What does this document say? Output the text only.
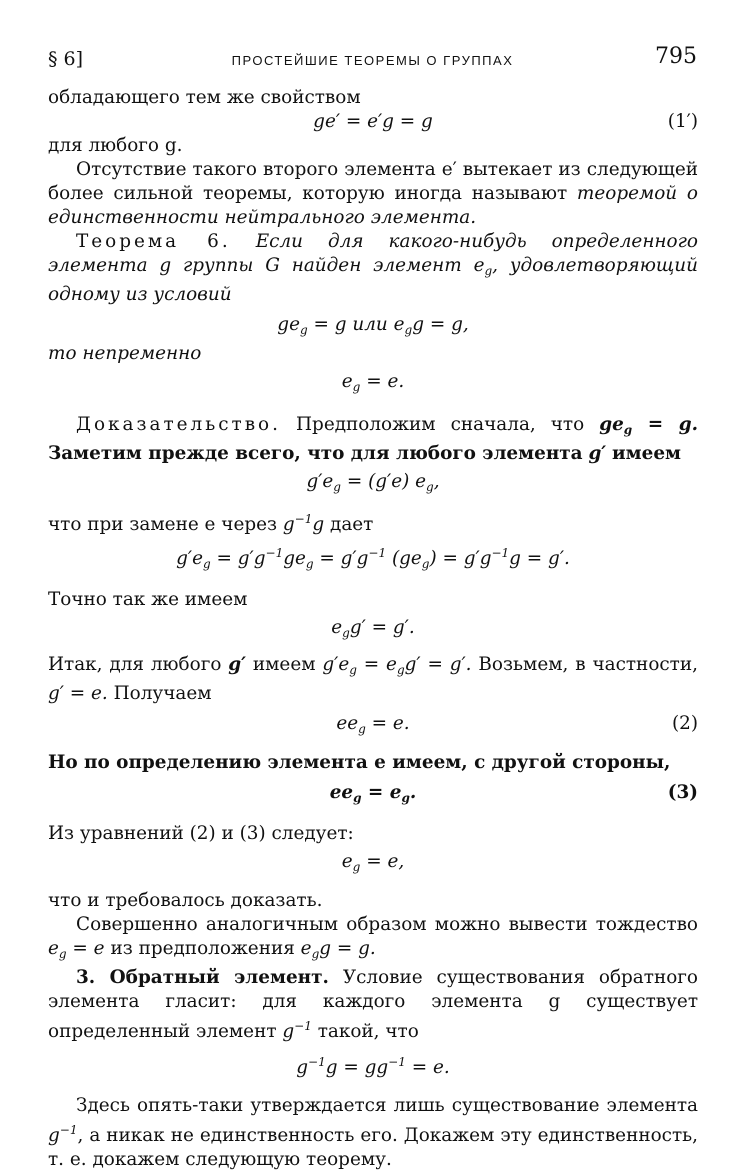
§ 6]	ПРОСТЕЙШИЕ ТЕОРЕМЫ О ГРУППАХ	795

обладающего тем же свойством

ge′ = e′g = g	(1′)

для любого g.

Отсутствие такого второго элемента e′ вытекает из следующей более сильной теоремы, которую иногда называют теоремой о единственности нейтрального элемента.

Теорема 6. Если для какого-нибудь определенного элемента g группы G найден элемент $e_g$, удовлетворяющий одному из условий

$ge_g = g$ или $e_gg = g$,

то непременно

$e_g = e$.

Доказательство. Предположим сначала, что $ge_g = g$. Заметим прежде всего, что для любого элемента g′ имеем

$g'e_g = (g'e)$ $e_g$,

что при замене e через $g^{-1}g$ дает

$g'e_g = g'g^{-1}ge_g = g'g^{-1}$ $(ge_g) = g'g^{-1}g = g'$.

Точно так же имеем

$e_gg' = g'$.

Итак, для любого g′ имеем $g'e_g = e_gg' = g'$. Возьмем, в частности, g′ = e. Получаем

$ee_g = e$.	(2)

Но по определению элемента e имеем, с другой стороны,

$ee_g = e_g$.	(3)

Из уравнений (2) и (3) следует:

$e_g = e$,

что и требовалось доказать.

Совершенно аналогичным образом можно вывести тождество $e_g = e$ из предположения $e_gg = g$.

3. Обратный элемент. Условие существования обратного элемента гласит: для каждого элемента g существует определенный элемент $g^{-1}$ такой, что

$g^{-1}g = gg^{-1} = e$.

Здесь опять-таки утверждается лишь существование элемента $g^{-1}$, а никак не единственность его. Докажем эту единственность, т. е. докажем следующую теорему.
